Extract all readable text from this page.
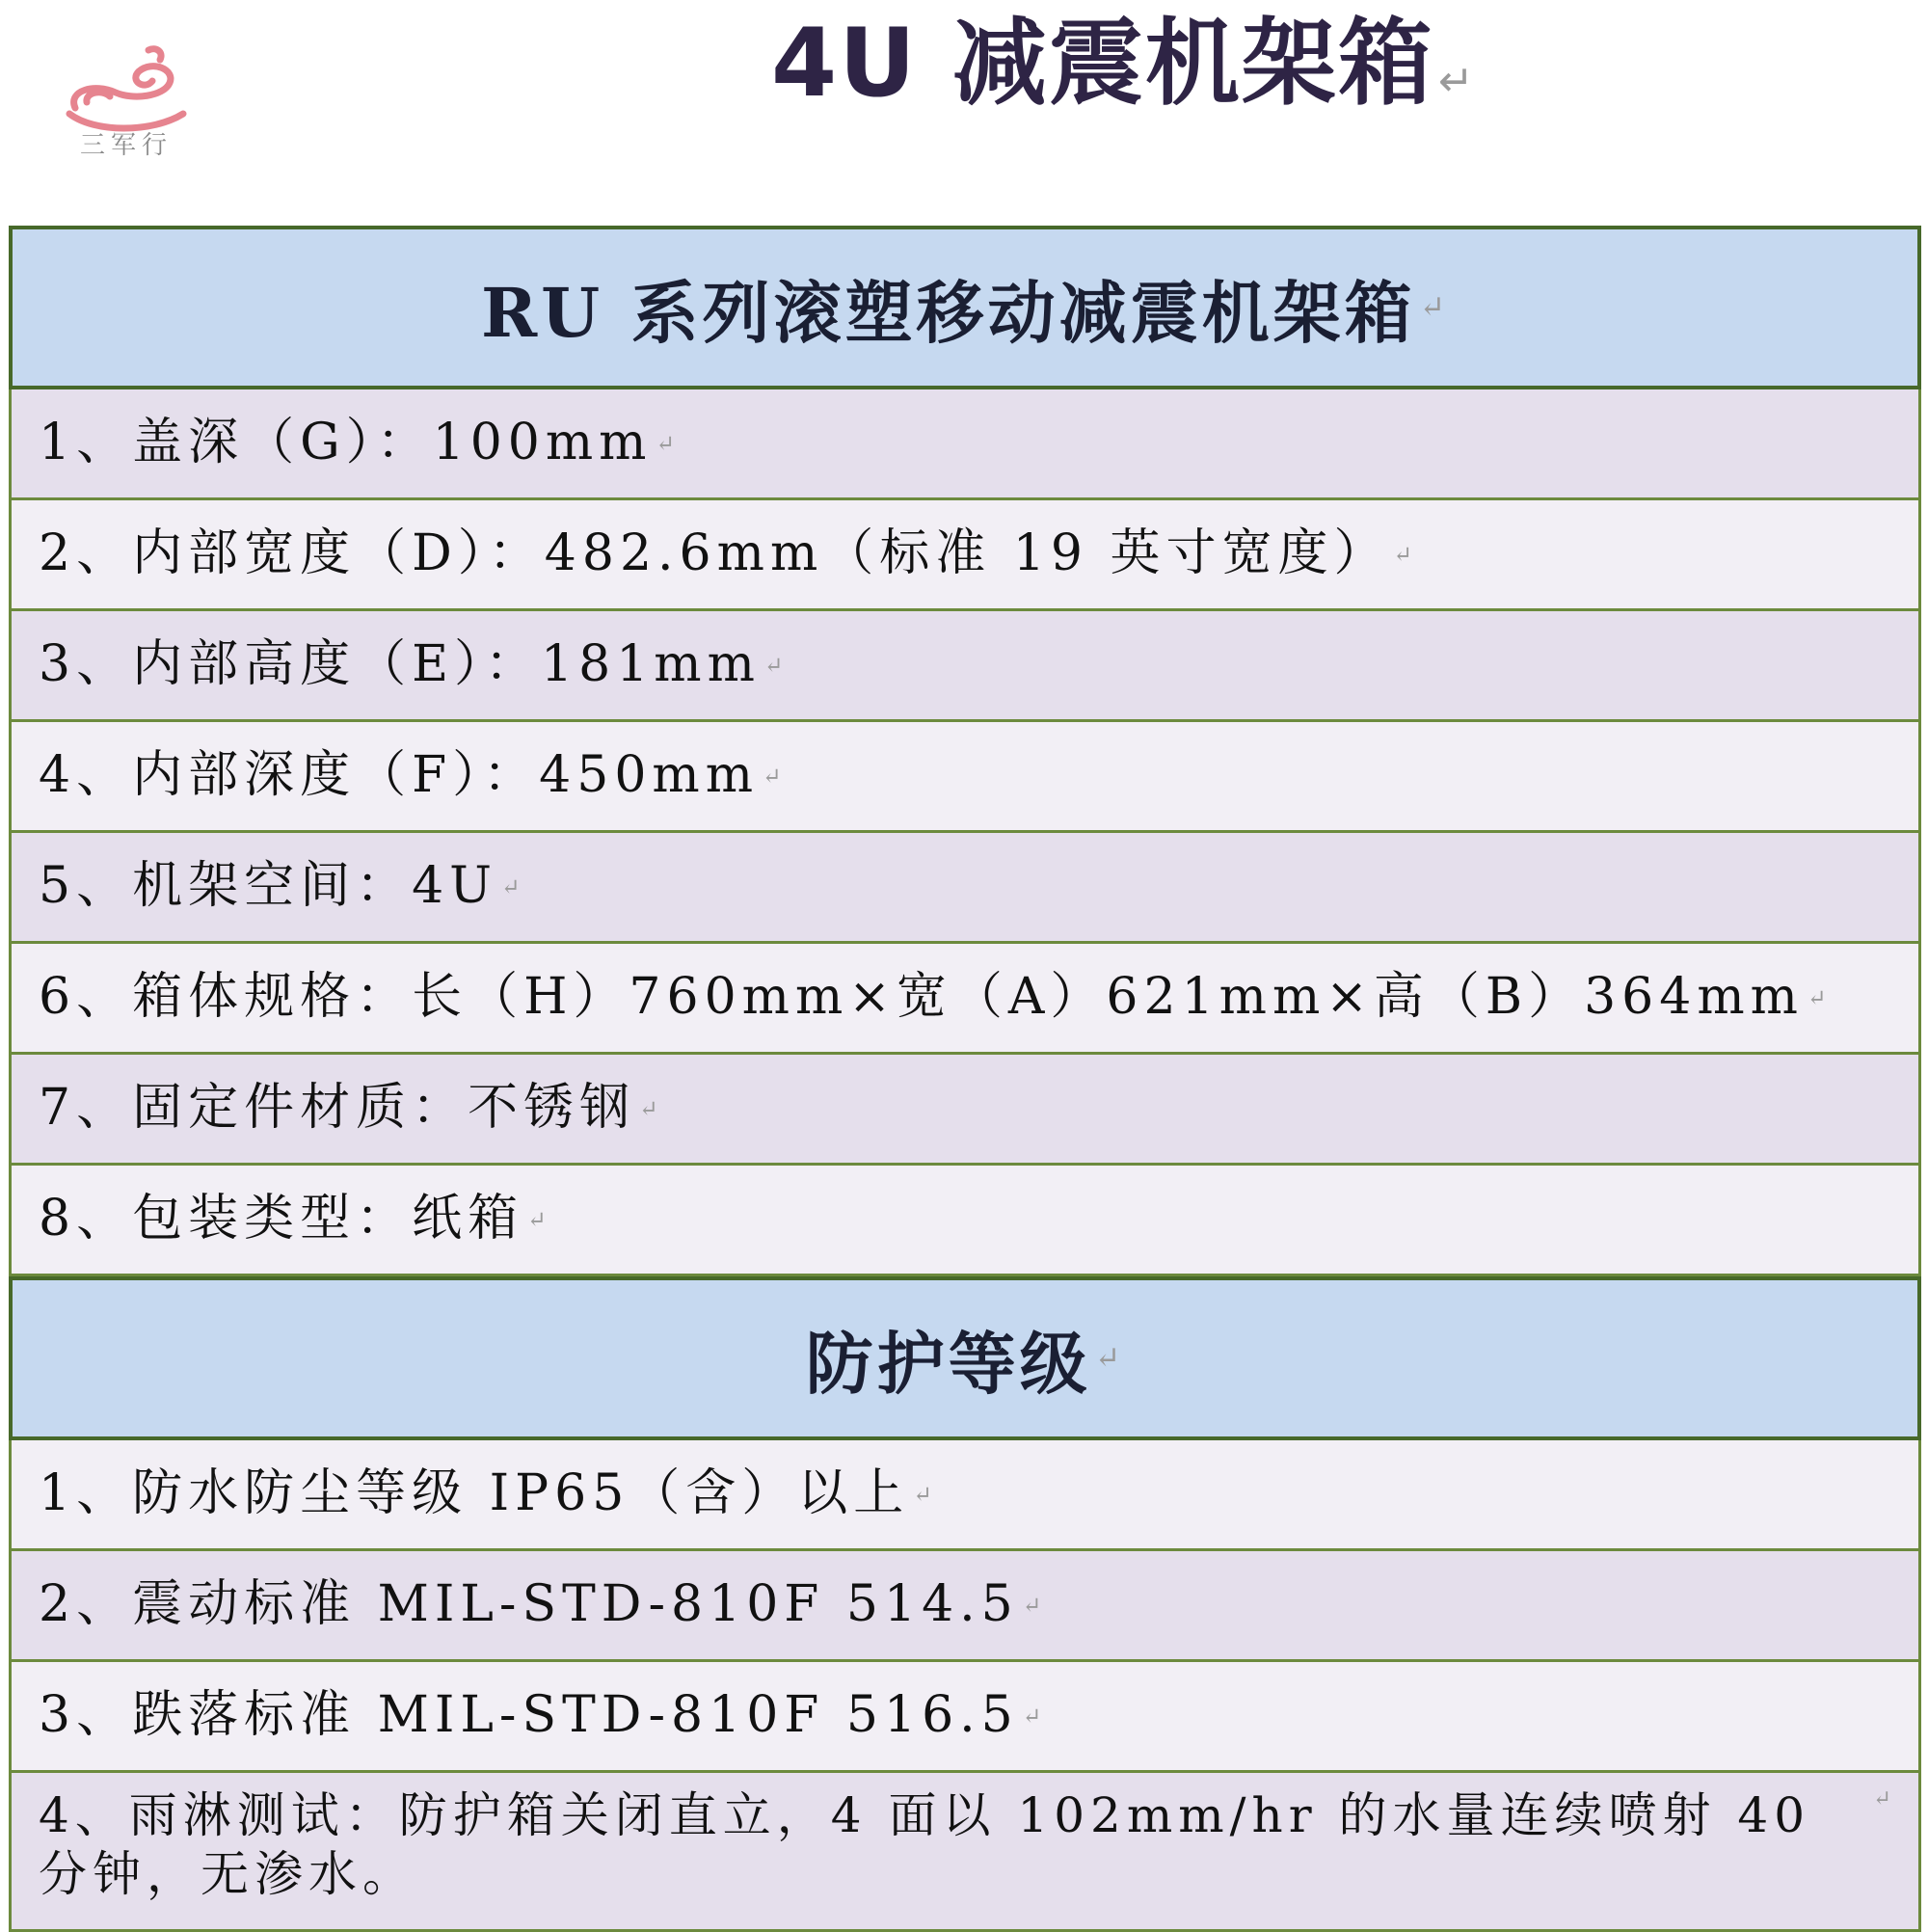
三军行
4U 减震机架箱↵
RU 系列滚塑移动减震机架箱 ↵
1、盖深（G）：100mm ↵
2、内部宽度（D）：482.6mm（标准 19 英寸宽度） ↵
3、内部高度（E）：181mm ↵
4、内部深度（F）：450mm ↵
5、机架空间：4U ↵
6、箱体规格：长（H）760mm×宽（A）621mm×高（B）364mm ↵
7、固定件材质：不锈钢 ↵
8、包装类型：纸箱 ↵
防护等级 ↵
1、防水防尘等级 IP65（含）以上 ↵
2、震动标准 MIL-STD-810F 514.5 ↵
3、跌落标准 MIL-STD-810F 516.5 ↵
4、雨淋测试：防护箱关闭直立，4 面以 102mm/hr 的水量连续喷射 40 分钟，无渗水。
↵
